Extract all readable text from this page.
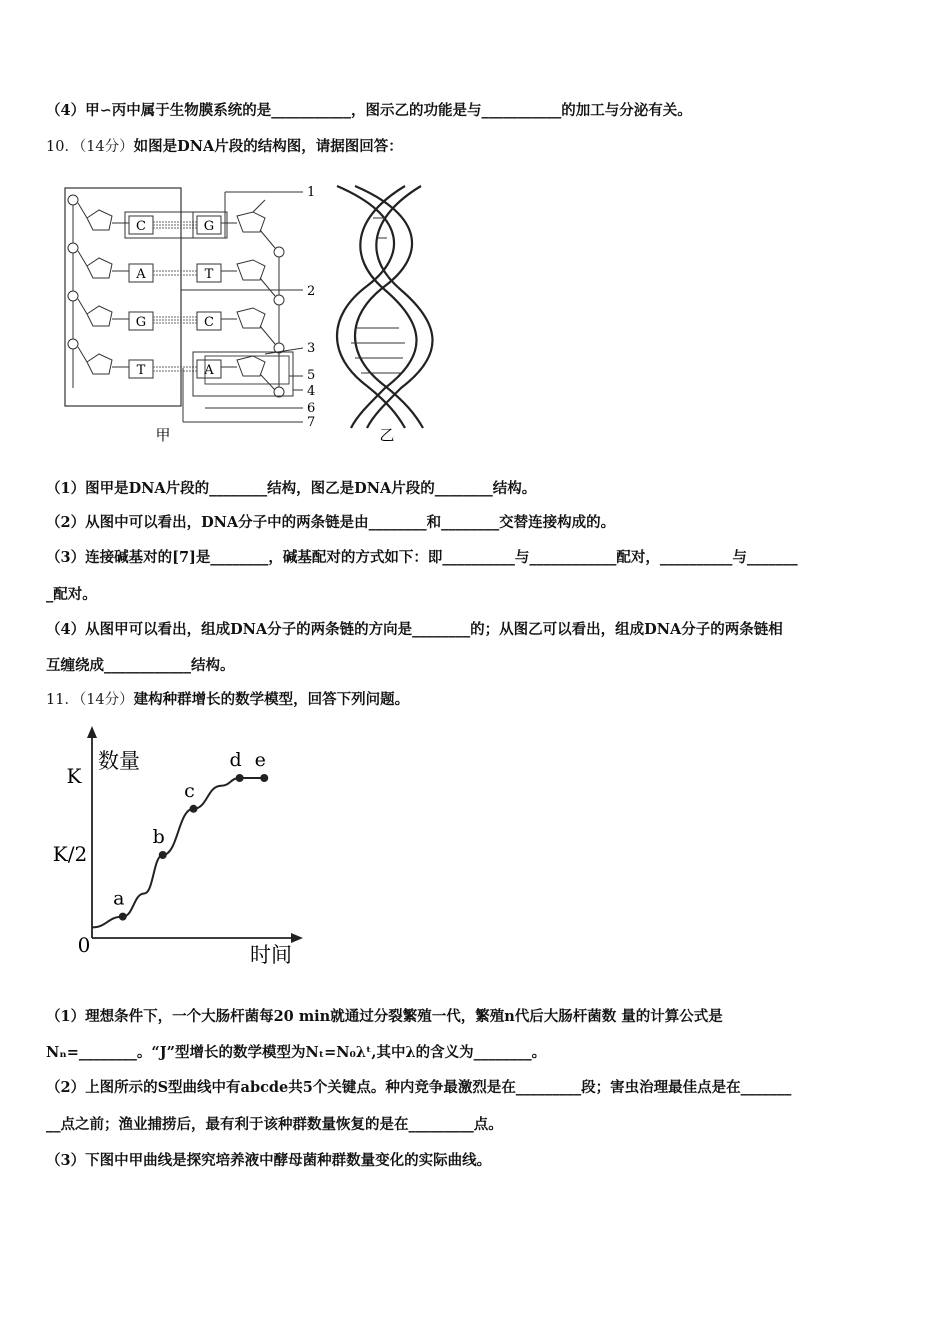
（4）甲∽丙中属于生物膜系统的是___________，图示乙的功能是与___________的加工与分泌有关。
10．（14分）如图是DNA片段的结构图，请据图回答：
C
A
G
T
G
T
C
A
1
2
3
4
5
6
7
甲	乙
（1）图甲是DNA片段的________结构，图乙是DNA片段的________结构。
（2）从图中可以看出，DNA分子中的两条链是由________和________交替连接构成的。
（3）连接碱基对的[7]是________，碱基配对的方式如下：即__________与____________配对，__________与_______
_配对。
（4）从图甲可以看出，组成DNA分子的两条链的方向是________的；从图乙可以看出，组成DNA分子的两条链相
互缠绕成____________结构。
11．（14分）建构种群增长的数学模型，回答下列问题。
数量
时间
K
K/2
0
a
b
c
d e
（1）理想条件下，一个大肠杆菌每20 min就通过分裂繁殖一代，繁殖n代后大肠杆菌数 量的计算公式是
Nₙ=________。“J”型增长的数学模型为Nₜ=N₀λᵗ,其中λ的含义为________。
（2）上图所示的S型曲线中有abcde共5个关键点。种内竞争最激烈是在_________段；害虫治理最佳点是在_______
__点之前；渔业捕捞后，最有利于该种群数量恢复的是在_________点。
（3）下图中甲曲线是探究培养液中酵母菌种群数量变化的实际曲线。
